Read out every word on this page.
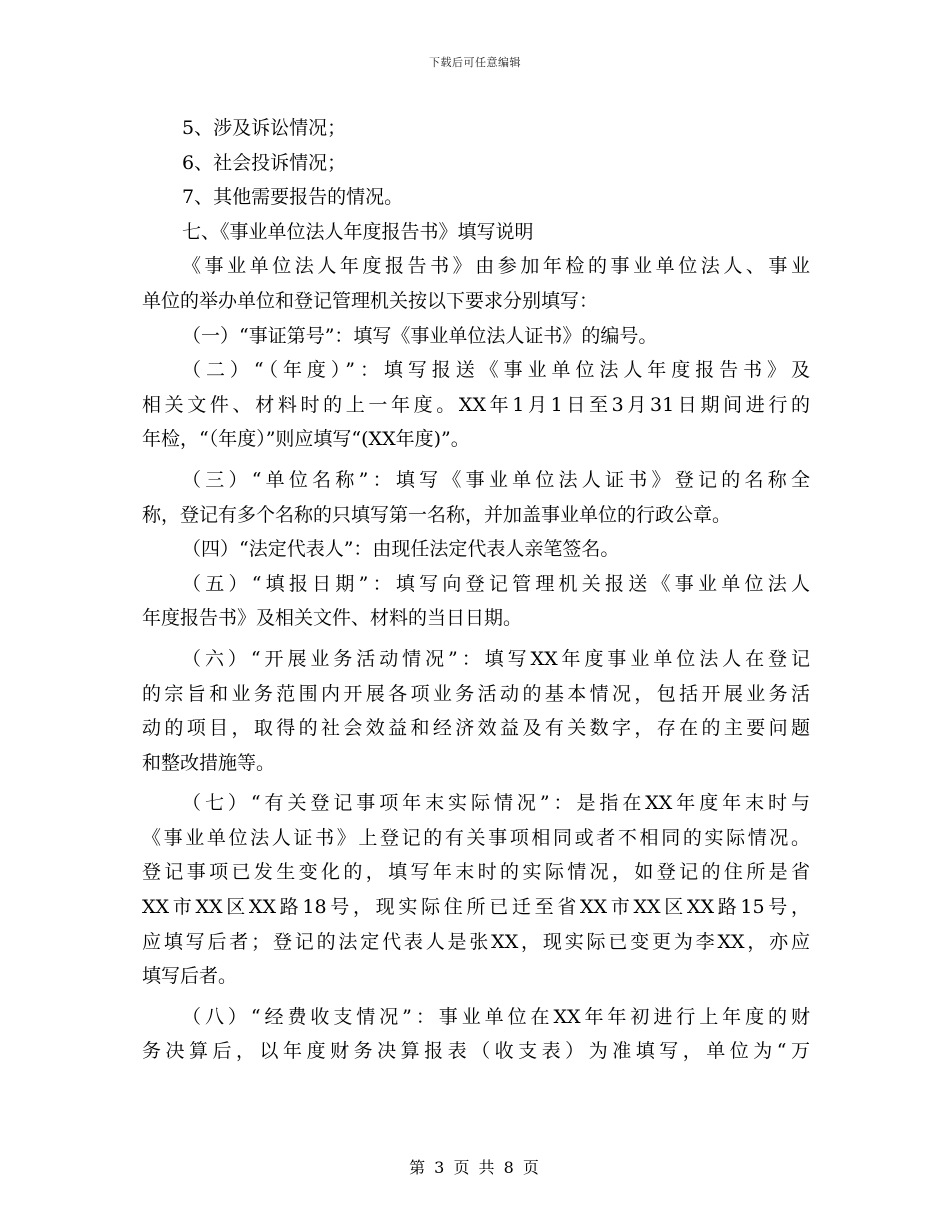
下载后可任意编辑
5、涉及诉讼情况；
6、社会投诉情况；
7、其他需要报告的情况。
七、《事业单位法人年度报告书》填写说明
《事业单位法人年度报告书》由参加年检的事业单位法人、事业
单位的举办单位和登记管理机关按以下要求分别填写：
（一）“事证第号”：填写《事业单位法人证书》的编号。
（二）“（年度）”：填写报送《事业单位法人年度报告书》及
相关文件、材料时的上一年度。XX年1月1日至3月31日期间进行的
年检，“（年度）”则应填写“(XX年度)”。
（三）“单位名称”：填写《事业单位法人证书》登记的名称全
称，登记有多个名称的只填写第一名称，并加盖事业单位的行政公章。
（四）“法定代表人”：由现任法定代表人亲笔签名。
（五）“填报日期”：填写向登记管理机关报送《事业单位法人
年度报告书》及相关文件、材料的当日日期。
（六）“开展业务活动情况”：填写XX年度事业单位法人在登记
的宗旨和业务范围内开展各项业务活动的基本情况，包括开展业务活
动的项目，取得的社会效益和经济效益及有关数字，存在的主要问题
和整改措施等。
（七）“有关登记事项年末实际情况”：是指在XX年度年末时与
《事业单位法人证书》上登记的有关事项相同或者不相同的实际情况。
登记事项已发生变化的，填写年末时的实际情况，如登记的住所是省
XX市XX区XX路18号，现实际住所已迁至省XX市XX区XX路15号，
应填写后者；登记的法定代表人是张XX，现实际已变更为李XX，亦应
填写后者。
（八）“经费收支情况”：事业单位在XX年年初进行上年度的财
务决算后，以年度财务决算报表（收支表）为准填写，单位为“万
第 3 页 共 8 页
